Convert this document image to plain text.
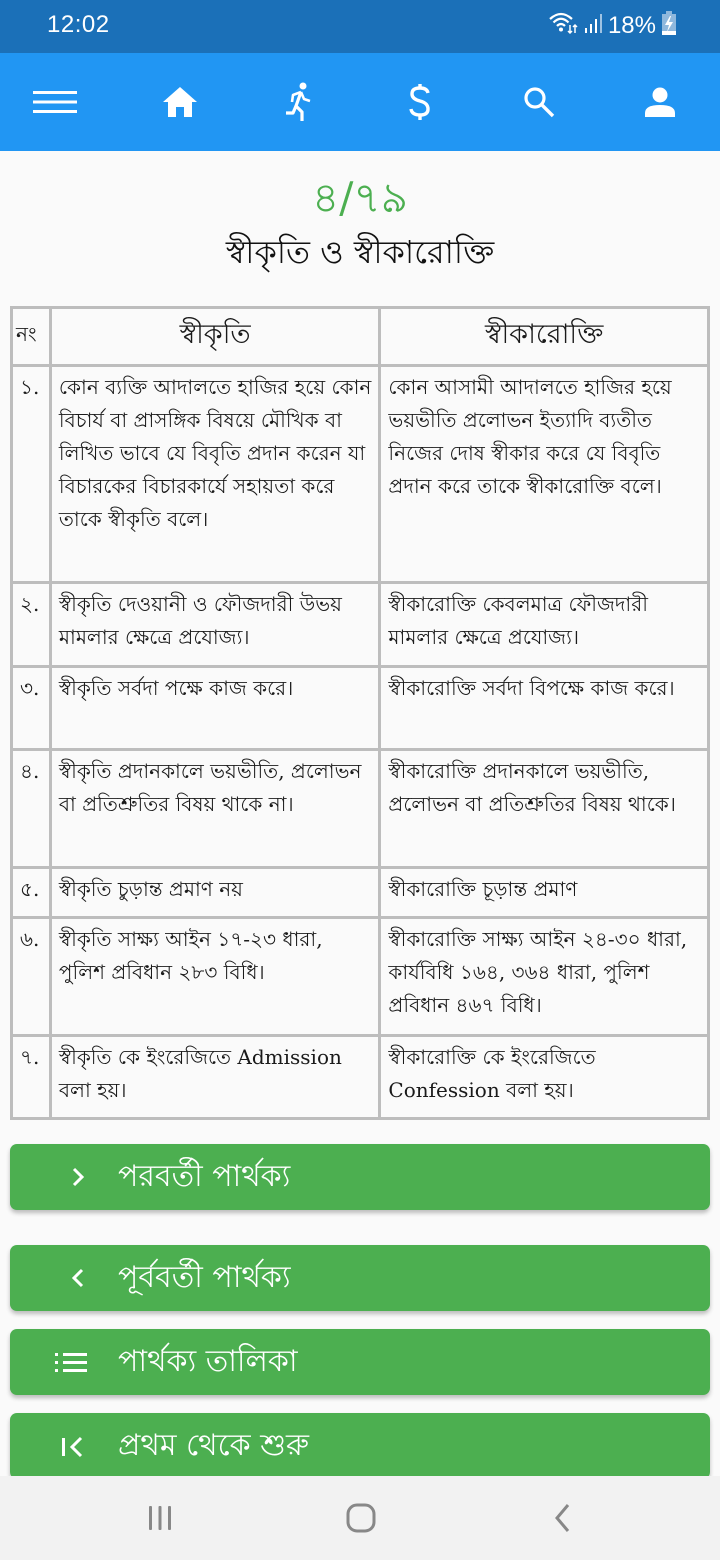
12:02	18%
৪/৭৯
স্বীকৃতি ও স্বীকারোক্তি
নং	স্বীকৃতি	স্বীকারোক্তি
১.	কোন ব্যক্তি আদালতে হাজির হয়ে কোন বিচার্য বা প্রাসঙ্গিক বিষয়ে মৌখিক বা লিখিত ভাবে যে বিবৃতি প্রদান করেন যা বিচারকের বিচারকার্যে সহায়তা করে তাকে স্বীকৃতি বলে।	কোন আসামী আদালতে হাজির হয়ে ভয়ভীতি প্রলোভন ইত্যাদি ব্যতীত নিজের দোষ স্বীকার করে যে বিবৃতি প্রদান করে তাকে স্বীকারোক্তি বলে।
২.	স্বীকৃতি দেওয়ানী ও ফৌজদারী উভয় মামলার ক্ষেত্রে প্রযোজ্য।	স্বীকারোক্তি কেবলমাত্র ফৌজদারী মামলার ক্ষেত্রে প্রযোজ্য।
৩.	স্বীকৃতি সর্বদা পক্ষে কাজ করে।	স্বীকারোক্তি সর্বদা বিপক্ষে কাজ করে।
৪.	স্বীকৃতি প্রদানকালে ভয়ভীতি, প্রলোভন বা প্রতিশ্রুতির বিষয় থাকে না।	স্বীকারোক্তি প্রদানকালে ভয়ভীতি, প্রলোভন বা প্রতিশ্রুতির বিষয় থাকে।
৫.	স্বীকৃতি চুড়ান্ত প্রমাণ নয়	স্বীকারোক্তি চূড়ান্ত প্রমাণ
৬.	স্বীকৃতি সাক্ষ্য আইন ১৭-২৩ ধারা, পুলিশ প্রবিধান ২৮৩ বিধি।	স্বীকারোক্তি সাক্ষ্য আইন ২৪-৩০ ধারা, কার্যবিধি ১৬৪, ৩৬৪ ধারা, পুলিশ প্রবিধান ৪৬৭ বিধি।
৭.	স্বীকৃতি কে ইংরেজিতে Admission বলা হয়।	স্বীকারোক্তি কে ইংরেজিতে Confession বলা হয়।
পরবর্তী পার্থক্য
পূর্ববর্তী পার্থক্য
পার্থক্য তালিকা
প্রথম থেকে শুরু
